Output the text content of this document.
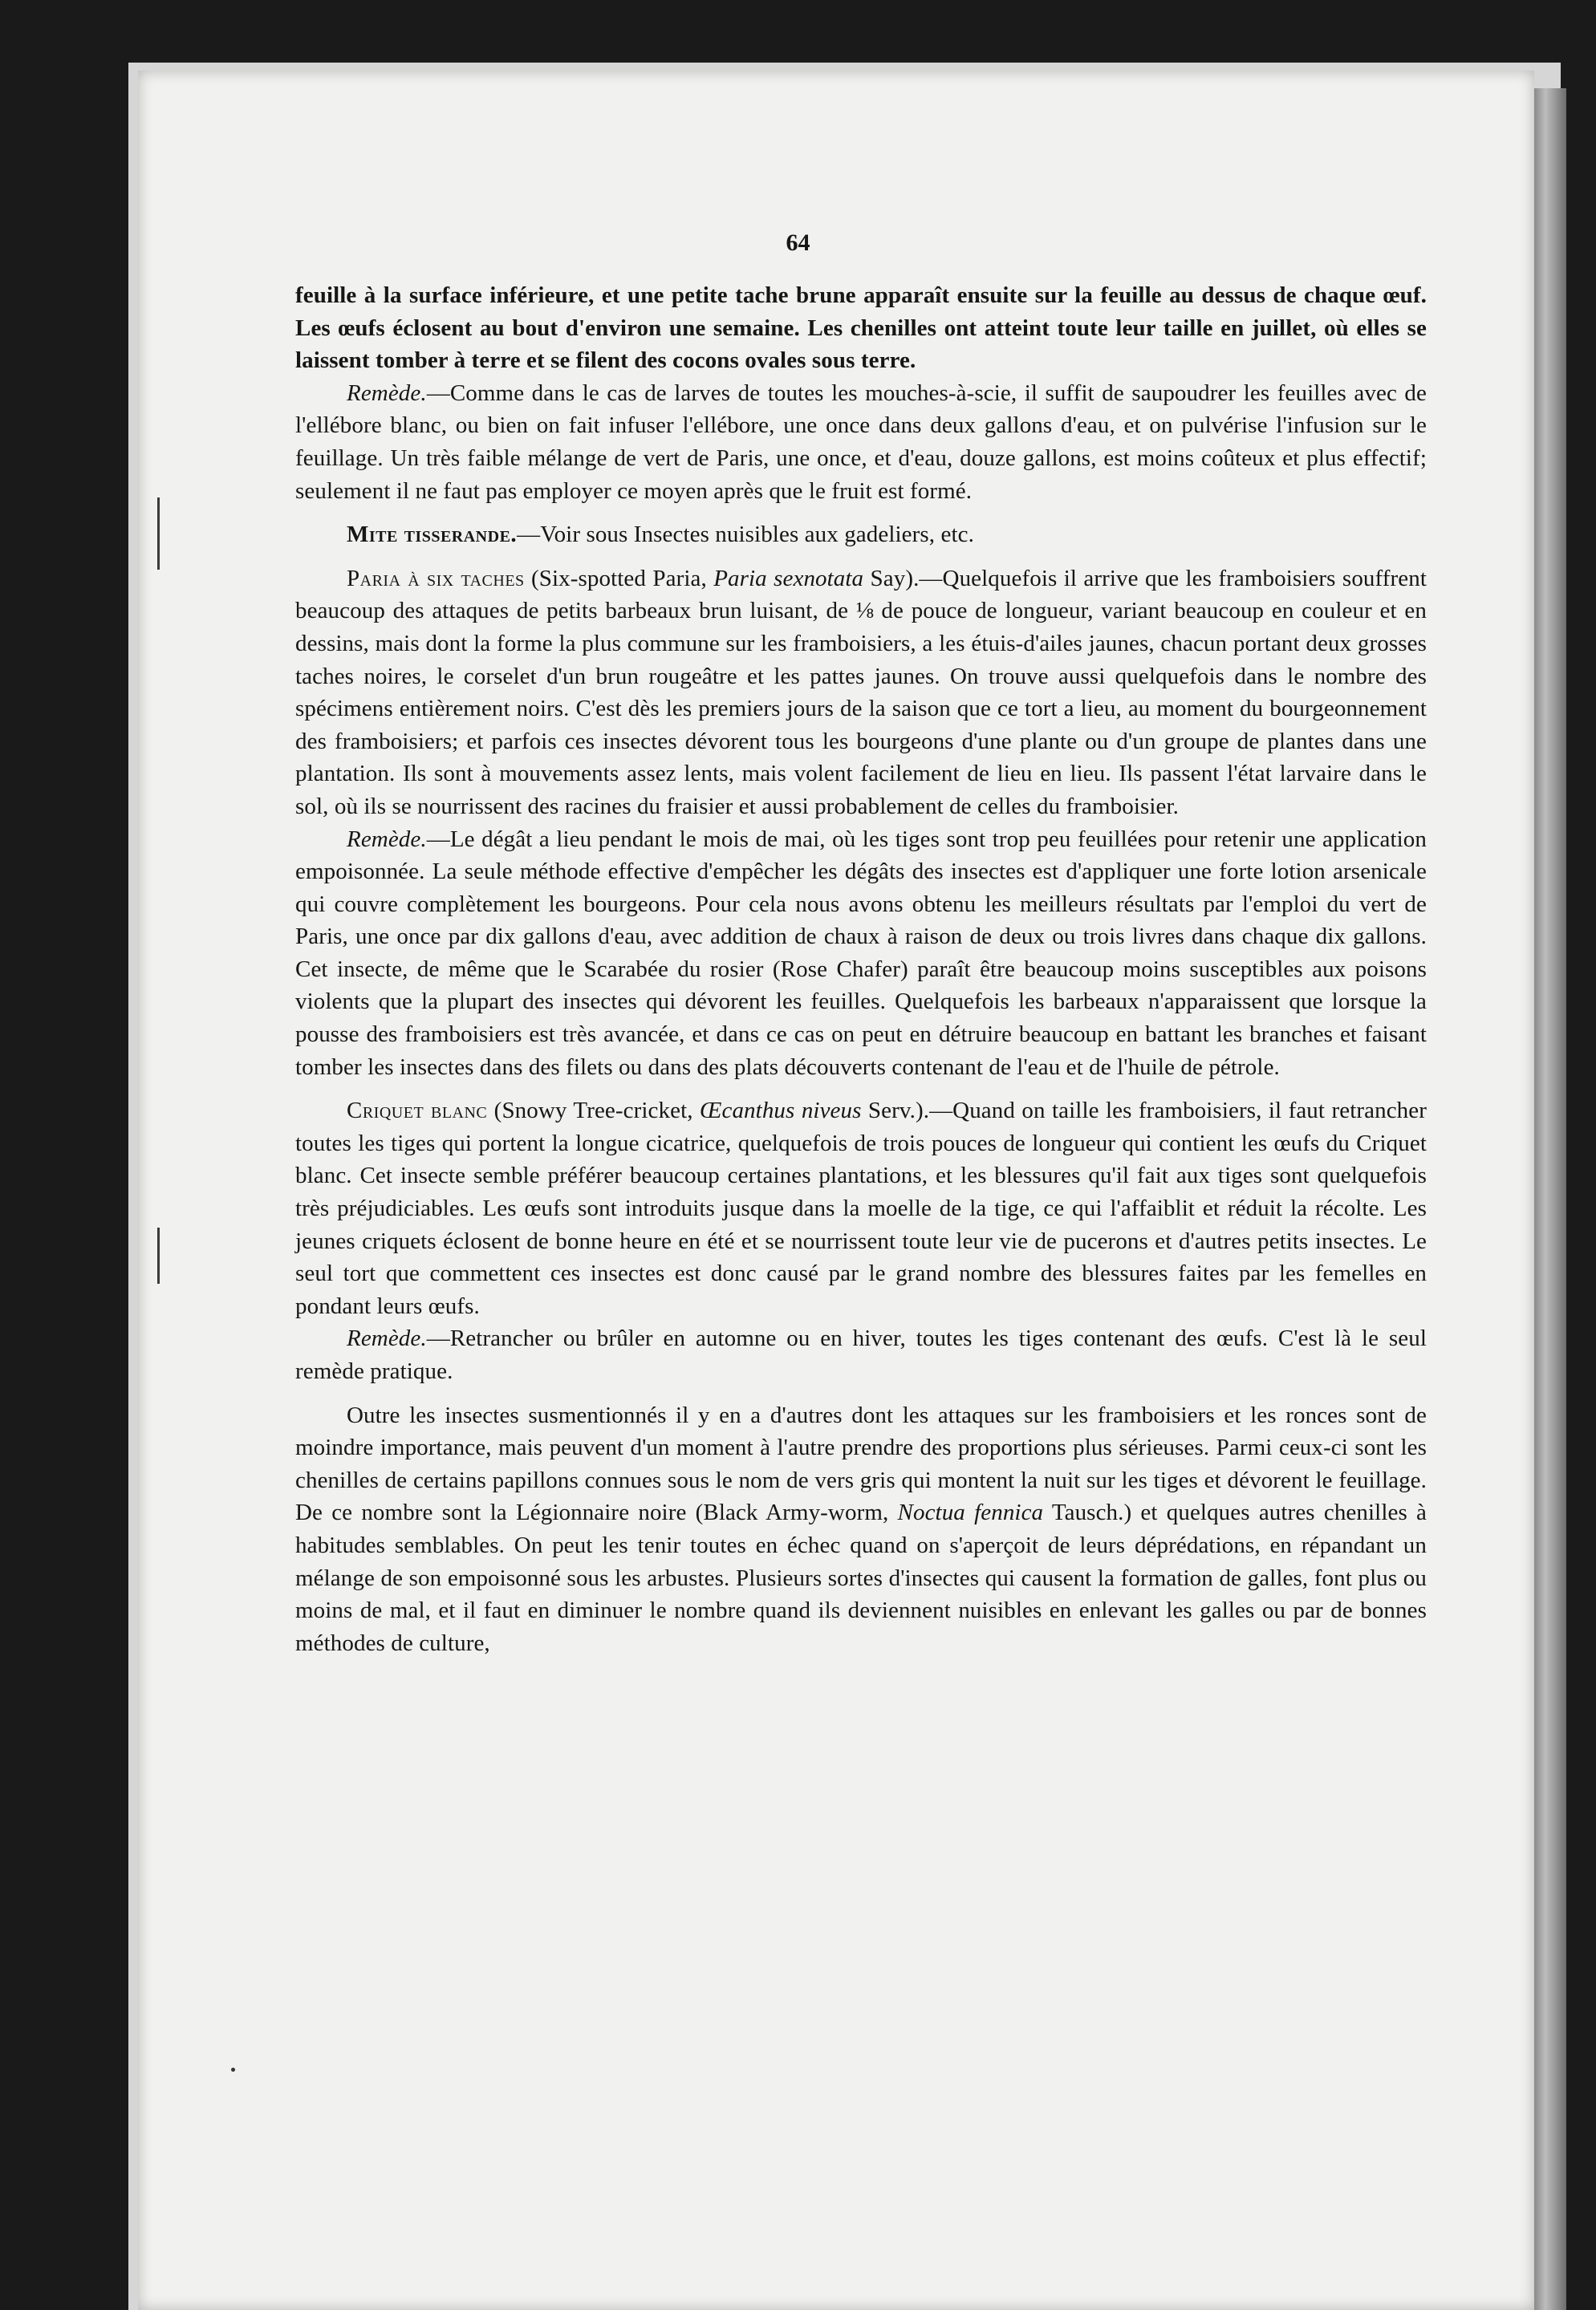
64

feuille à la surface inférieure, et une petite tache brune apparaît ensuite sur la feuille au dessus de chaque œuf. Les œufs éclosent au bout d'environ une semaine. Les chenilles ont atteint toute leur taille en juillet, où elles se laissent tomber à terre et se filent des cocons ovales sous terre.

Remède.—Comme dans le cas de larves de toutes les mouches-à-scie, il suffit de saupoudrer les feuilles avec de l'ellébore blanc, ou bien on fait infuser l'ellébore, une once dans deux gallons d'eau, et on pulvérise l'infusion sur le feuillage. Un très faible mélange de vert de Paris, une once, et d'eau, douze gallons, est moins coûteux et plus effectif; seulement il ne faut pas employer ce moyen après que le fruit est formé.

Mite tisserande.—Voir sous Insectes nuisibles aux gadeliers, etc.

Paria à six taches (Six-spotted Paria, Paria sexnotata Say).—Quelquefois il arrive que les framboisiers souffrent beaucoup des attaques de petits barbeaux brun luisant, de ⅛ de pouce de longueur, variant beaucoup en couleur et en dessins, mais dont la forme la plus commune sur les framboisiers, a les étuis-d'ailes jaunes, chacun portant deux grosses taches noires, le corselet d'un brun rougeâtre et les pattes jaunes. On trouve aussi quelquefois dans le nombre des spécimens entièrement noirs. C'est dès les premiers jours de la saison que ce tort a lieu, au moment du bourgeonnement des framboisiers; et parfois ces insectes dévorent tous les bourgeons d'une plante ou d'un groupe de plantes dans une plantation. Ils sont à mouvements assez lents, mais volent facilement de lieu en lieu. Ils passent l'état larvaire dans le sol, où ils se nourrissent des racines du fraisier et aussi probablement de celles du framboisier.

Remède.—Le dégât a lieu pendant le mois de mai, où les tiges sont trop peu feuillées pour retenir une application empoisonnée. La seule méthode effective d'empêcher les dégâts des insectes est d'appliquer une forte lotion arsenicale qui couvre complètement les bourgeons. Pour cela nous avons obtenu les meilleurs résultats par l'emploi du vert de Paris, une once par dix gallons d'eau, avec addition de chaux à raison de deux ou trois livres dans chaque dix gallons. Cet insecte, de même que le Scarabée du rosier (Rose Chafer) paraît être beaucoup moins susceptibles aux poisons violents que la plupart des insectes qui dévorent les feuilles. Quelquefois les barbeaux n'apparaissent que lorsque la pousse des framboisiers est très avancée, et dans ce cas on peut en détruire beaucoup en battant les branches et faisant tomber les insectes dans des filets ou dans des plats découverts contenant de l'eau et de l'huile de pétrole.

Criquet blanc (Snowy Tree-cricket, Œcanthus niveus Serv.).—Quand on taille les framboisiers, il faut retrancher toutes les tiges qui portent la longue cicatrice, quelquefois de trois pouces de longueur qui contient les œufs du Criquet blanc. Cet insecte semble préférer beaucoup certaines plantations, et les blessures qu'il fait aux tiges sont quelquefois très préjudiciables. Les œufs sont introduits jusque dans la moelle de la tige, ce qui l'affaiblit et réduit la récolte. Les jeunes criquets éclosent de bonne heure en été et se nourrissent toute leur vie de pucerons et d'autres petits insectes. Le seul tort que commettent ces insectes est donc causé par le grand nombre des blessures faites par les femelles en pondant leurs œufs.

Remède.—Retrancher ou brûler en automne ou en hiver, toutes les tiges contenant des œufs. C'est là le seul remède pratique.

Outre les insectes susmentionnés il y en a d'autres dont les attaques sur les framboisiers et les ronces sont de moindre importance, mais peuvent d'un moment à l'autre prendre des proportions plus sérieuses. Parmi ceux-ci sont les chenilles de certains papillons connues sous le nom de vers gris qui montent la nuit sur les tiges et dévorent le feuillage. De ce nombre sont la Légionnaire noire (Black Army-worm, Noctua fennica Tausch.) et quelques autres chenilles à habitudes semblables. On peut les tenir toutes en échec quand on s'aperçoit de leurs déprédations, en répandant un mélange de son empoisonné sous les arbustes. Plusieurs sortes d'insectes qui causent la formation de galles, font plus ou moins de mal, et il faut en diminuer le nombre quand ils deviennent nuisibles en enlevant les galles ou par de bonnes méthodes de culture,
